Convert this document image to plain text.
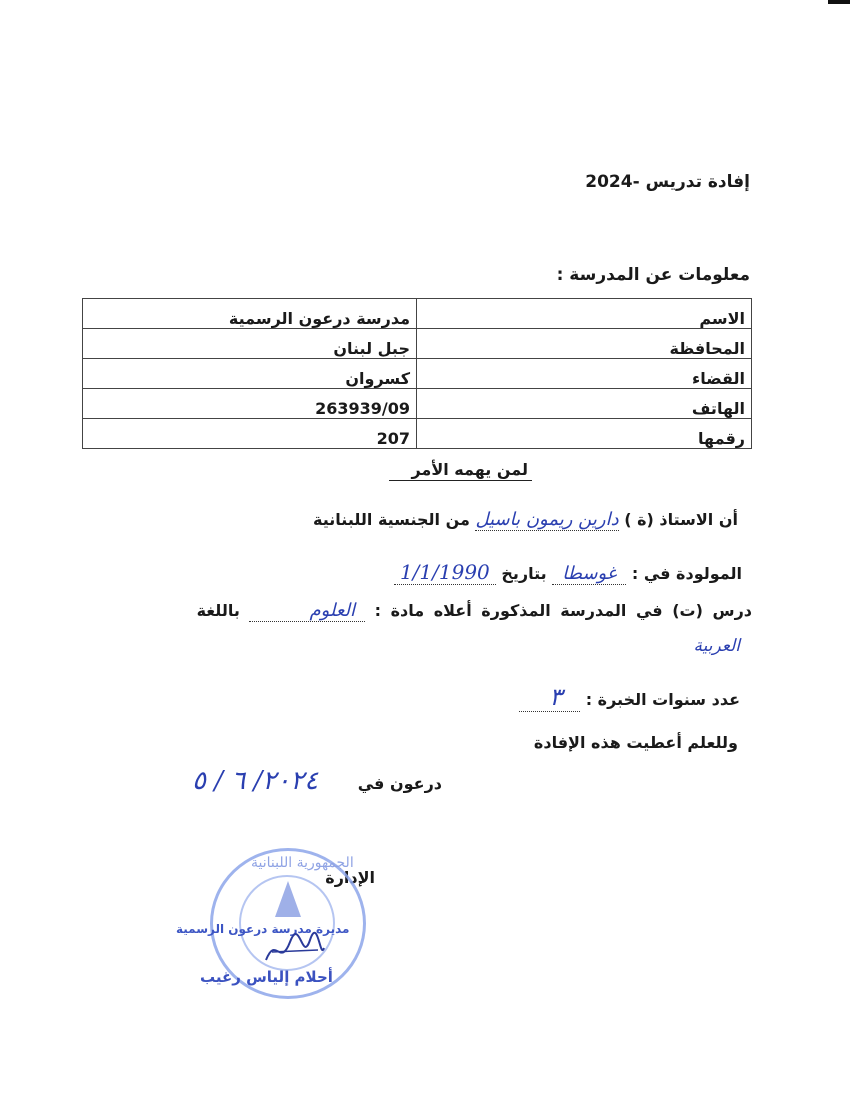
إفادة تدريس -2024
معلومات عن المدرسة :
الاسم	مدرسة درعون الرسمية
المحافظة	جبل لبنان
القضاء	كسروان
الهاتف	263939/09
رقمها	207
لمن يهمه الأمر
أن الاستاذ (ة ) دارين ريمون باسيل من الجنسية اللبنانية
المولودة في : غوسطا بتاريخ 1/1/1990
درس (ت) في المدرسة المذكورة أعلاه مادة : العلوم باللغة
العربية
عدد سنوات الخبرة : ٣
وللعلم أعطيت هذه الإفادة
درعون في
٢٠٢٤/ ٦ / ٥
الإدارة
الجمهورية اللبنانية
مديرة مدرسة درعون الرسمية
أحلام إلياس رغيب
